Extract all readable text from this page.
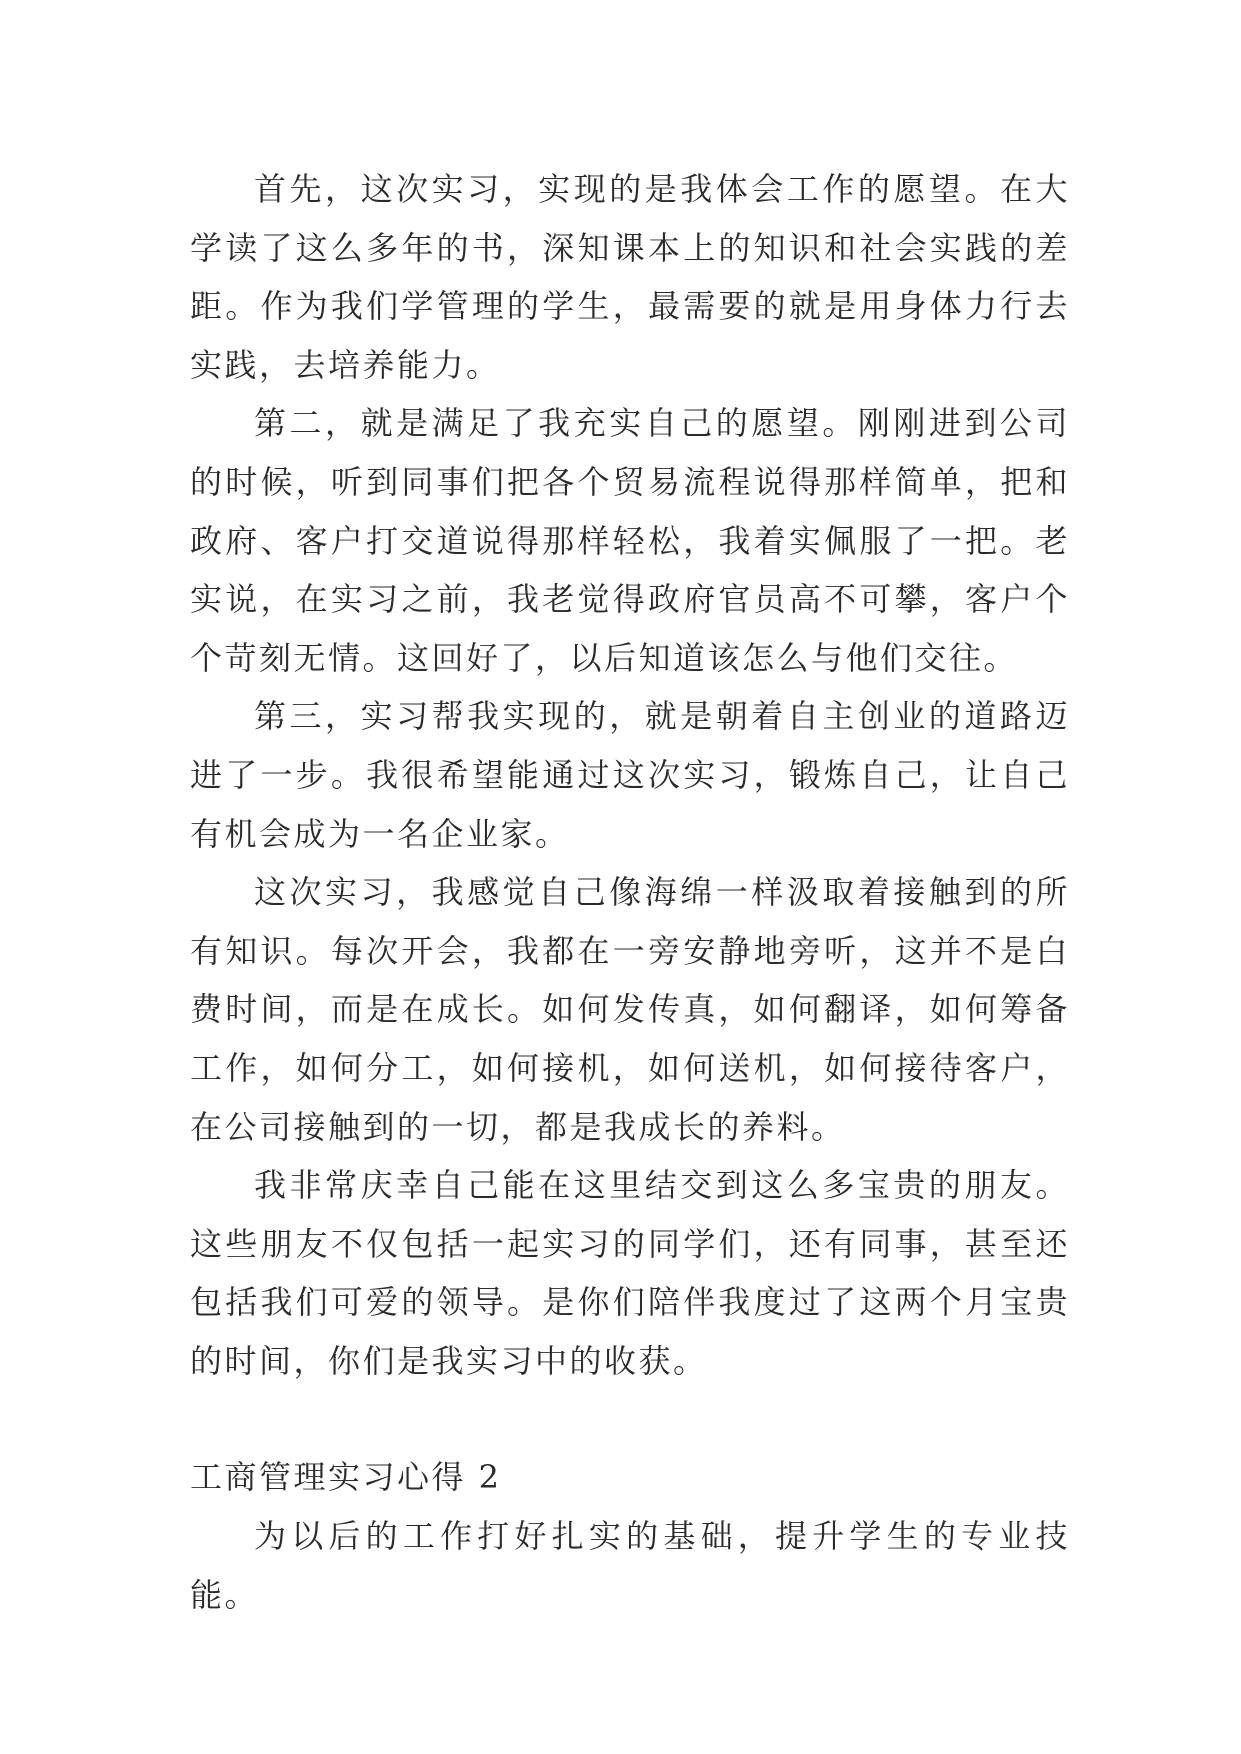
首先，这次实习，实现的是我体会工作的愿望。在大学读了这么多年的书，深知课本上的知识和社会实践的差距。作为我们学管理的学生，最需要的就是用身体力行去实践，去培养能力。

第二，就是满足了我充实自己的愿望。刚刚进到公司的时候，听到同事们把各个贸易流程说得那样简单，把和政府、客户打交道说得那样轻松，我着实佩服了一把。老实说，在实习之前，我老觉得政府官员高不可攀，客户个个苛刻无情。这回好了，以后知道该怎么与他们交往。

第三，实习帮我实现的，就是朝着自主创业的道路迈进了一步。我很希望能通过这次实习，锻炼自己，让自己有机会成为一名企业家。

这次实习，我感觉自己像海绵一样汲取着接触到的所有知识。每次开会，我都在一旁安静地旁听，这并不是白费时间，而是在成长。如何发传真，如何翻译，如何筹备工作，如何分工，如何接机，如何送机，如何接待客户，在公司接触到的一切，都是我成长的养料。

我非常庆幸自己能在这里结交到这么多宝贵的朋友。这些朋友不仅包括一起实习的同学们，还有同事，甚至还包括我们可爱的领导。是你们陪伴我度过了这两个月宝贵的时间，你们是我实习中的收获。

工商管理实习心得 2

为以后的工作打好扎实的基础，提升学生的专业技能。
